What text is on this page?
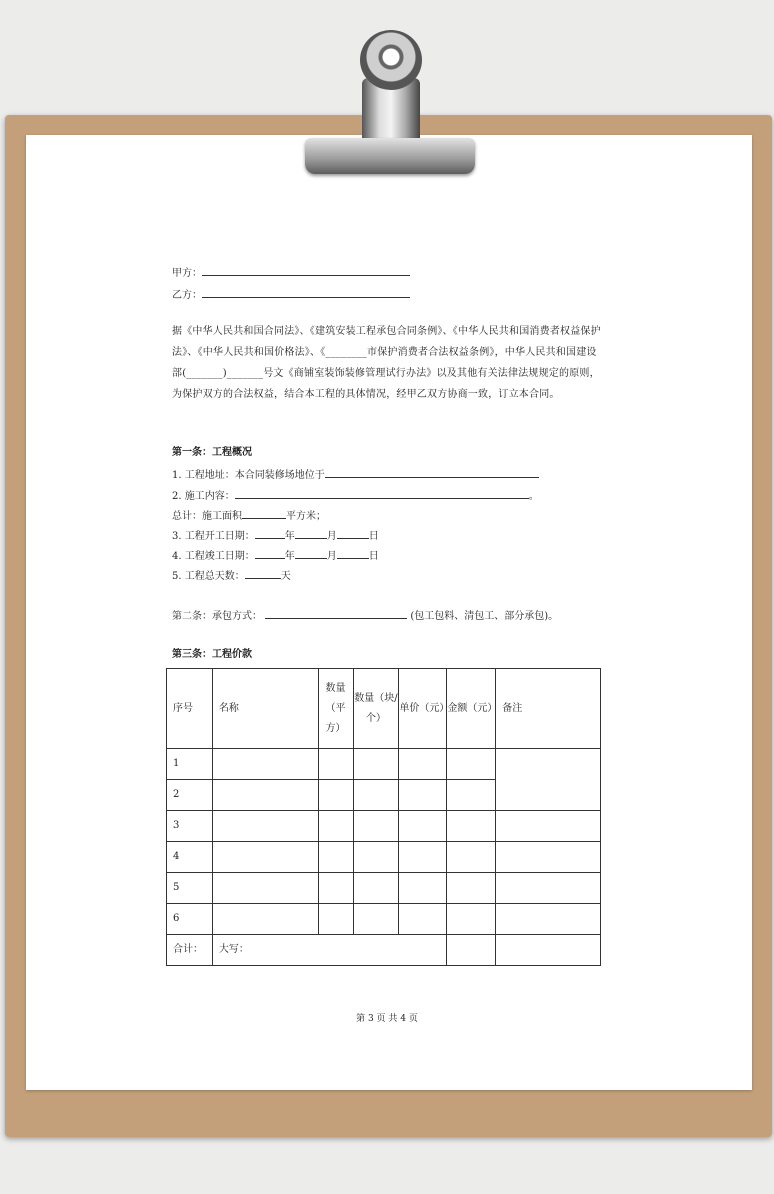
甲方：
乙方：
据《中华人民共和国合同法》、《建筑安装工程承包合同条例》、《中华人民共和国消费者权益保护法》、《中华人民共和国价格法》、《________市保护消费者合法权益条例》，中华人民共和国建设部(_______)_______号文《商铺室装饰装修管理试行办法》以及其他有关法律法规规定的原则，为保护双方的合法权益，结合本工程的具体情况，经甲乙双方协商一致，订立本合同。
第一条：工程概况
1. 工程地址：本合同装修场地位于
2. 施工内容：	。
总计：施工面积	平方米；
3. 工程开工日期：	年	月	日
4. 工程竣工日期：	年	月	日
5. 工程总天数：	天
第二条：承包方式：	(包工包料、清包工、部分承包)。
第三条：工程价款
序号	名称	数量（平方）	数量（块/个）	单价（元）	金额（元）	备注
1						
2						
3						
4						
5						
6						
合计：	大写：					
第 3 页 共 4 页
